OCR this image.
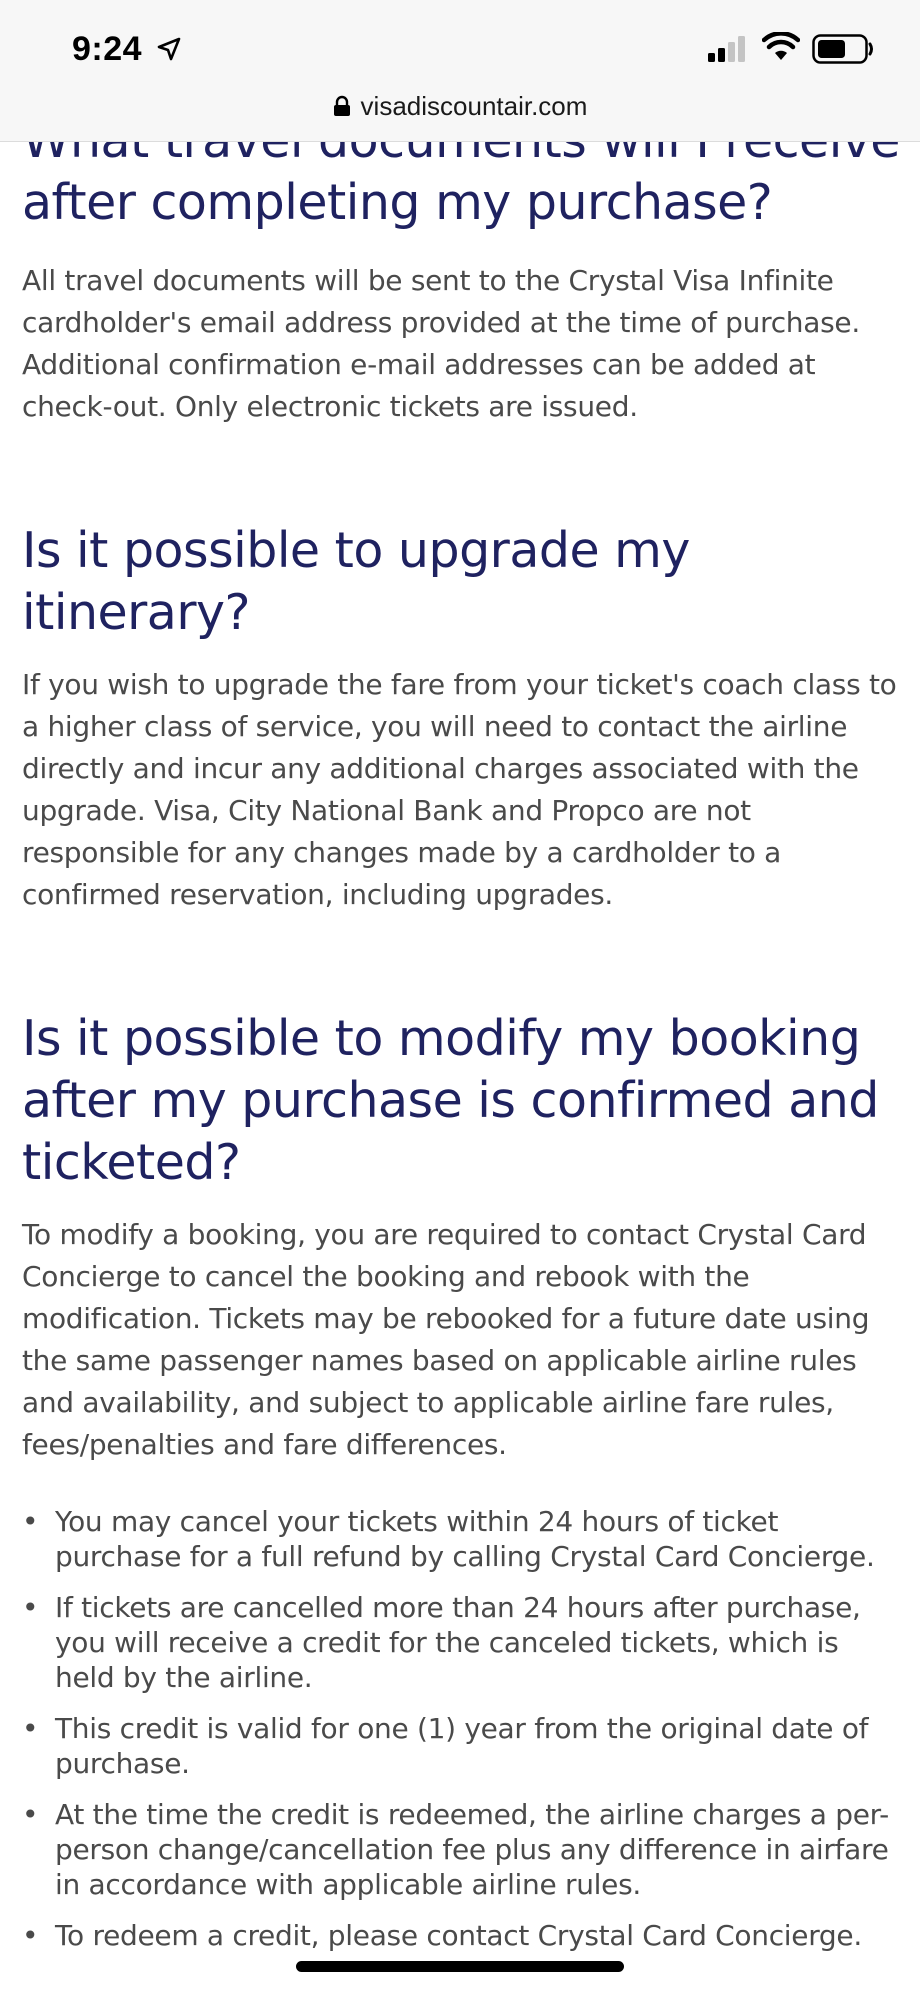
after completing my purchase?

All travel documents will be sent to the Crystal Visa Infinite cardholder's email address provided at the time of purchase. Additional confirmation e-mail addresses can be added at check-out. Only electronic tickets are issued.

Is it possible to upgrade my itinerary?

If you wish to upgrade the fare from your ticket's coach class to a higher class of service, you will need to contact the airline directly and incur any additional charges associated with the upgrade. Visa, City National Bank and Propco are not responsible for any changes made by a cardholder to a confirmed reservation, including upgrades.

Is it possible to modify my booking after my purchase is confirmed and ticketed?

To modify a booking, you are required to contact Crystal Card Concierge to cancel the booking and rebook with the modification. Tickets may be rebooked for a future date using the same passenger names based on applicable airline rules and availability, and subject to applicable airline fare rules, fees/penalties and fare differences.

• You may cancel your tickets within 24 hours of ticket purchase for a full refund by calling Crystal Card Concierge.
• If tickets are cancelled more than 24 hours after purchase, you will receive a credit for the canceled tickets, which is held by the airline.
• This credit is valid for one (1) year from the original date of purchase.
• At the time the credit is redeemed, the airline charges a per-person change/cancellation fee plus any difference in airfare in accordance with applicable airline rules.
• To redeem a credit, please contact Crystal Card Concierge.
9:24
visadiscountair.com
